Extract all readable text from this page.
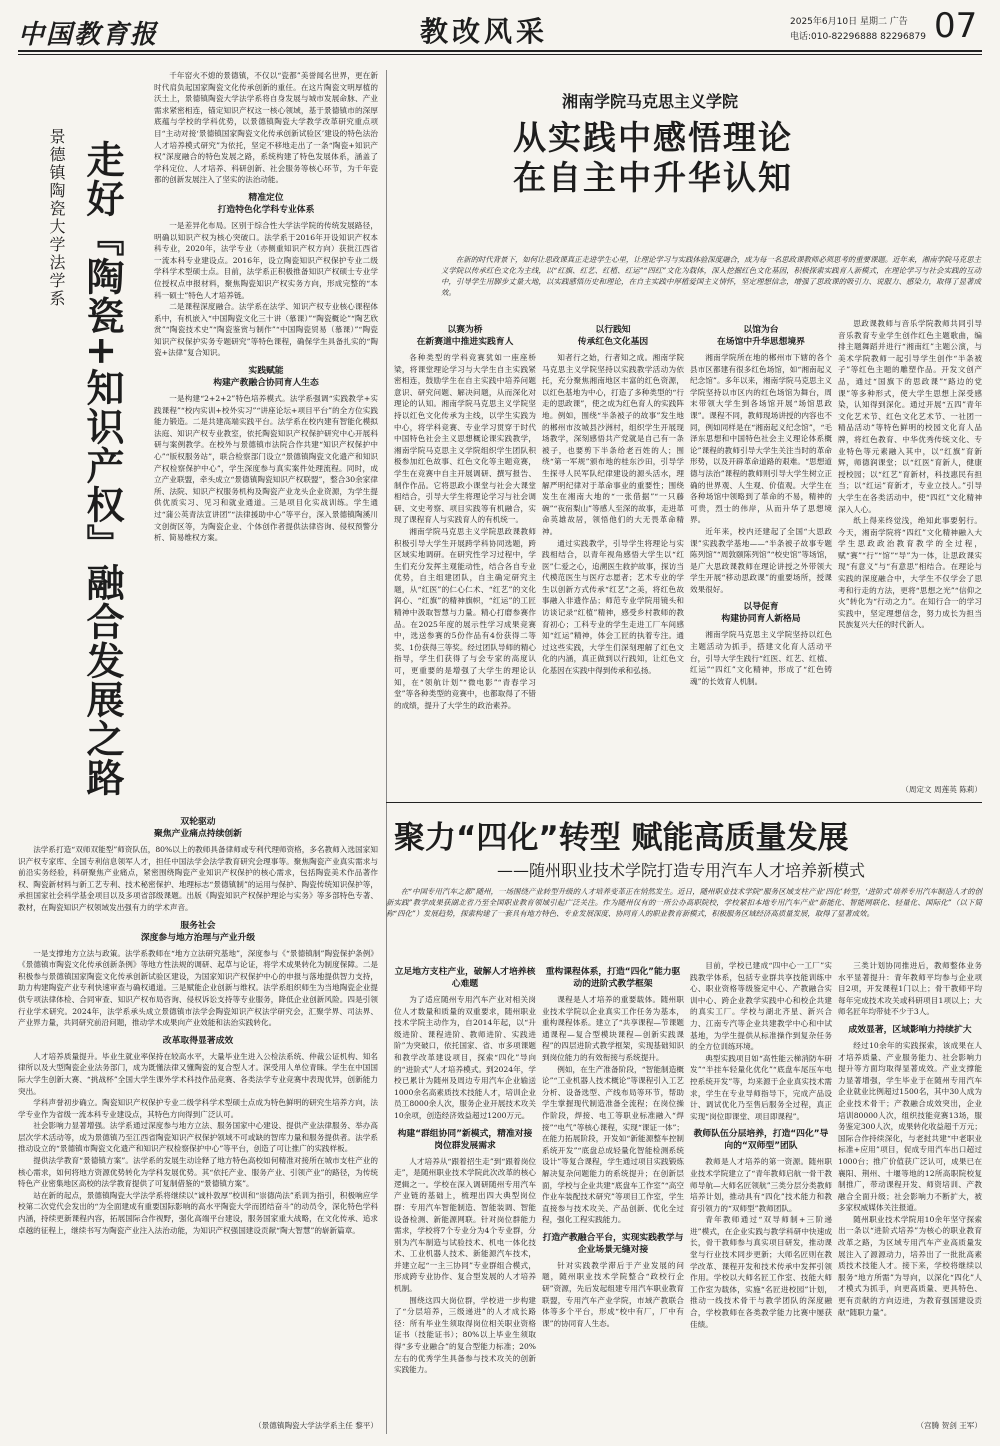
中国教育报	教改风采	2025年6月10日 星期二 广告
电话:010-82296888 82296879 07
景德镇陶瓷大学法学系 走好『陶瓷+知识产权』融合发展之路

千年窑火不熄的景德镇，不仅以“瓷都”美誉闻名世界，更在新时代肩负起国家陶瓷文化传承创新的重任。在这片陶瓷文明厚植的沃土上，景德镇陶瓷大学法学系将自身发展与城市发展命脉、产业需求紧密相连，锚定知识产权这一核心领域，基于景德镇市的深厚底蕴与学校的学科优势，以景德镇陶瓷大学教学改革研究重点项目“主动对接‘景德镇国家陶瓷文化传承创新试验区’建设的特色法治人才培养模式研究”为依托，坚定不移地走出了一条“陶瓷+知识产权”深度融合的特色发展之路，系统构建了特色发展体系，涵盖了学科定位、人才培养、科研创新、社会服务等核心环节，为千年瓷都的创新发展注入了坚实的法治动能。

精准定位
打造特色化学科专业体系

一是差异化布局。区别于综合性大学法学院的传统发展路径，明确以知识产权为核心突破口。法学系于2016年开设知识产权本科专业，2020年，法学专业（亦侧重知识产权方向）获批江西省一流本科专业建设点。2016年，设立陶瓷知识产权保护专业二级学科学术型硕士点。目前，法学系正积极推备知识产权硕士专业学位授权点申报材料，聚焦陶瓷知识产权实务方向，形成完整的“本科一硕士”特色人才培养链。

二是课程深度融合。法学系在法学、知识产权专业核心课程体系中，有机嵌入“中国陶瓷文化三十讲（慕课）”“陶瓷概论”“陶艺欣赏”“陶瓷技术史”“陶瓷鉴赏与制作”“中国陶瓷贸易（慕课）”“陶瓷知识产权保护实务专题研究”等特色课程，确保学生具备扎实的“陶瓷+法律”复合知识。

实践赋能
构建产教融合协同育人生态

一是构建“2+2+2”特色培养模式。法学系强调“实践教学+实践课程”“校内实训+校外实习”“讲座论坛+项目平台”的全方位实践能力锻造。二是共建高端实践平台。法学系在校内建有智能化模拟法庭、知识产权专业教室，依托陶瓷知识产权保护研究中心开展科研与案例教学。在校外与景德镇市法院合作共建“知识产权保护中心”“版权服务站”，联合检察部门设立“景德镇陶瓷文化遗产和知识产权检察保护中心”，学生深度参与真实案件处理流程。同时，成立产业联盟，牵头成立“景德镇陶瓷知识产权联盟”，整合30余家律所、法院、知识产权服务机构及陶瓷产业龙头企业资源，为学生提供优质实习、见习和就业通道。三是项目化实战训练。学生通过“蒲公英青法宣讲团”“法律援助中心”等平台，深入景德镇陶溪川文创街区等，为陶瓷企业、个体创作者提供法律咨询、侵权预警分析、简易维权方案。

双轮驱动
聚焦产业痛点持续创新

法学系打造“双师双能型”师资队伍，80%以上的教师具备律师或专利代理师资格，多名教师入选国家知识产权专家库、全国专利信息领军人才，担任中国法学会法学教育研究会理事等。聚焦陶瓷产业真实需求与前沿实务经验，科研聚焦产业痛点，紧密围绕陶瓷产业知识产权保护的核心需求，包括陶瓷美术作品著作权、陶瓷新材料与新工艺专利、技术秘密保护、地理标志“景德镇制”的运用与保护、陶瓷传统知识保护等，承担国家社会科学基金项目以及多项省部级课题。出版《陶瓷知识产权保护理论与实务》等多部特色专著、教材，在陶瓷知识产权领域发出强有力的学术声音。

服务社会
深度参与地方治理与产业升级

一是支撑地方立法与政策。法学系教师在“地方立法研究基地”，深度参与《“景德镇制”陶瓷保护条例》《景德镇市陶瓷文化传承创新条例》等地方性法规的调研、起草与论证，将学术成果转化为制度保障。二是积极参与景德镇国家陶瓷文化传承创新试验区建设，为国家知识产权保护中心的申报与落地提供智力支持，助力构建陶瓷产业专利快速审查与确权通道。三是赋能企业创新与维权。法学系组织师生为当地陶瓷企业提供专项法律体检、合同审查、知识产权布局咨询、侵权诉讼支持等专业服务，降低企业创新风险。四是引领行业学术研究。2024年，法学系承头成立景德镇市法学会陶瓷知识产权法学研究会，汇聚学界、司法界、产业界力量，共同研究前沿问题，推动学术成果向产业效能和法治实践转化。

改革取得显著成效

人才培养质量提升。毕业生就业率保持在较高水平，大量毕业生进入公检法系统、仲裁公证机构、知名律所以及大型陶瓷企业法务部门，成为既懂法律又懂陶瓷的复合型人才。深受用人单位青睐。学生在中国国际大学生创新大赛、“挑战杯”全国大学生课外学术科技作品竞赛、各类法学专业竞赛中表现优异，创新能力突出。

学科声誉初步确立。陶瓷知识产权保护专业二级学科学术型硕士点成为特色鲜明的研究生培养方向，法学专业作为省级一流本科专业建设点，其特色方向得到广泛认可。

社会影响力显著增强。法学系通过深度参与地方立法、服务国家中心建设、提供产业法律服务、举办高层次学术活动等，成为景德镇乃至江西省陶瓷知识产权保护领域不可或缺的智库力量和服务提供者。法学系推动设立的“景德镇市陶瓷文化遗产和知识产权检察保护中心”等平台，创造了可让推广的实践样板。

提供法学教育“景德镇方案”。法学系的发展生动诠释了地方特色高校如何精准对接所在城市支柱产业的核心需求，如何将地方资源优势转化为学科发展优势。其“依托产业、服务产业、引领产业”的路径，为传统特色产业密集地区高校的法学教育提供了可复制借鉴的“景德镇方案”。

站在新的起点，景德镇陶瓷大学法学系将继续以“诚朴敦厚”校训和“崇德尚法”系训为指引，积极响应学校第二次党代会发出的“为全面建成有重要国际影响的高水平陶瓷大学而团结奋斗”的动员令，深化特色学科内涵，持续更新课程内容，拓展国际合作视野，强化高端平台建设，服务国家重大战略，在文化传承、追求卓越的征程上，继续书写为陶瓷产业注入法治动能，为知识产权强国建设贡献“陶大智慧”的崭新篇章。

（景德镇陶瓷大学法学系主任 黎平）
湘南学院马克思主义学院
从实践中感悟理论
在自主中升华认知

在新的时代背景下，如何让思政课真正走进学生心里，让理论学习与实践体验深度融合，成为每一名思政课教师必须思考的重要课题。近年来，湘南学院马克思主义学院以传承红色文化为主线，以“红旗、红艺、红植、红运”“四红”文化为载体，深入挖掘红色文化基因，积极探索实践育人新模式，在理论学习与社会实践的互动中，引导学生用脚步丈量大地，以实践感悟历史和理论，在自主实践中厚植爱国主义情怀，坚定理想信念，增强了思政课的吸引力、说服力、感染力，取得了显著成效。

以赛为桥
在新赛道中推进实践育人

各种类型的学科竞赛犹如一座座桥梁，将课堂理论学习与大学生自主实践紧密相连，鼓励学生在自主实践中培养问题意识、研究问题、解决问题，从而深化对理论的认知。湘南学院马克思主义学院坚持以红色文化传承为主线，以学生实践为中心，将学科竞赛、专业学习贯穿于时代中国特色社会主义思想概论课实践教学，湘南学院马克思主义学院组织学生团队积极参加红色故事、红色文化等主题竞赛，学生在竞赛中自主开展调研、撰写报告、制作作品。它将思政小课堂与社会大课堂相结合，引导大学生将理论学习与社会调研、文史考察、项目实践等有机融合，实现了课程育人与实践育人的有机统一。

湘南学院马克思主义学院思政课教师积极引导大学生开展跨学科协同选题，跨区域实地调研。在研究性学习过程中，学生们充分发挥主观能动性，结合各自专业优势，自主组建团队，自主确定研究主题，从“红医”的仁心仁术、“红艺”的文化润心、“红旗”的精神旗帜，“红运”的工匠精神中汲取智慧与力量。精心打磨参赛作品。在2025年度的展示性学习成果竞赛中，选送参赛的5份作品有4份获得二等奖、1份获得三等奖。经过团队导师的精心指导，学生们获得了与会专家的高度认可，更重要的是增强了大学生的理论认知，在“领航计划”“微电影”“青春学习堂”等各种类型的竞赛中，也都取得了不错的成绩，提升了大学生的政治素养。

以行践知
传承红色文化基因

知者行之始，行者知之成。湘南学院马克思主义学院坚持以实践教学活动为依托，充分聚焦湘南地区丰富的红色资源，以红色基地为中心，打造了多种类型的“行走的思政课”，使之成为红色育人的实践阵地。例如，围绕“半条被子的故事”发生地的郴州市汝城县沙洲村，组织学生开展现场教学，深刻感悟共产党就是自己有一条被子，也要剪下半条给老百姓的人；围绕“第一军规”颁布地的桂东沙田，引导学生探寻人民军队纪律建设的源头活水，理解严明纪律对于革命事业的重要性；围绕发生在湘南大地的“一张借据”“一只藤碗”“夜宿梨山”等感人至深的故事，走进革命英雄故居，领悟他们的大无畏革命精神。

通过实践教学，引导学生将理论与实践相结合，以青年视角感悟大学生以“红医”仁爱之心，追溯医生救护故事，探访当代模范医生与医疗志愿者；艺术专业的学生以创新方式传承“红艺”之美，将红色故事融入非遗作品；师范专业学院用镜头和访谈记录“红植”精神，感受乡村教师的教育初心；工科专业的学生走进工厂车间感知“红运”精神，体会工匠的执着专注。通过这些实践，大学生们深刻理解了红色文化的内涵，真正做到以行践知，让红色文化基因在实践中得到传承和弘扬。

以馆为台
在场馆中升华思想境界

湘南学院所在地的郴州市下辖的各个县市区都建有很多红色场馆，如“湘南起义纪念馆”。多年以来，湘南学院马克思主义学院坚持以市区内的红色场馆为舞台，周末带领大学生到各场馆开展“场馆思政课”。课程不同，教师现场讲授的内容也不同，例如同样是在“湘南起义纪念馆”，“毛泽东思想和中国特色社会主义理论体系概论”课程的教师引导大学生关注当时的革命形势，以及开辟革命道路的艰难。“思想道德与法治”课程的教师则引导大学生树立正确的世界观、人生观、价值观。大学生在各种场馆中领略到了革命的不易，精神的可贵，烈士的伟岸，从而升华了思想境界。

近年来，校内还建起了全国“大思政课”实践教学基地——“半条被子故事专题陈列馆”“周敦颐陈列馆”“校史馆”等场馆，是广大思政课教师在理论讲授之外带领大学生开展“移动思政课”的重要场所，授课效果很好。

以导促育
构建协同育人新格局

湘南学院马克思主义学院坚持以红色主题活动为抓手，搭建文化育人活动平台，引导大学生践行“红医、红艺、红植、红运”“四红”文化精神，形成了“红色铸魂”的长效育人机制。

思政课教师与音乐学院教师共同引导音乐教育专业学生创作红色主题歌曲，编排主题舞蹈并进行“湘南红”主题公演，与美术学院教师一起引导学生创作“半条被子”等红色主题的雕塑作品。开发文创产品，通过“国旗下的思政课”“路边的党课”等多种形式，使大学生思想上深受感染，认知得到深化。通过开展“五四”青年文化艺术节、红色文化艺术节、一社团一精品活动”等特色鲜明的校园文化育人品牌，将红色教育、中华优秀传统文化、专业特色等元素融入其中，以“红旗”育新辉，师德润课堂；以“红医”育新人，健康授校园；以“红艺”育新材，科技惠民有担当；以“红运”育新才，专业立技人。”引导大学生在各类活动中，使“四红”文化精神深入人心。

纸上得来终觉浅，绝知此事要躬行。今天，湘南学院将“四红”文化精神融入大学生思政政治教育教学的全过程，赋“赛”“行”“馆”“导”为一体，让思政课实现“有意义”与“有意思”相结合。在理论与实践的深度融合中，大学生不仅学会了思考和行走的方法，更将“思想之光”“信仰之火”转化为“行动之力”。在知行合一的学习实践中，坚定理想信念，努力成长为担当民族复兴大任的时代新人。

（周定文 周莲英 陈莉）
聚力“四化”转型 赋能高质量发展
——随州职业技术学院打造专用汽车人才培养新模式

在“中国专用汽车之都”随州，一场围绕产业转型升级的人才培养变革正在悄然发生。近日，随州职业技术学院“服务区域支柱产业‘四化’转型，‘进阶式’培养专用汽车制造人才的创新实践”教学成果获湖北省乃至全国职业教育领域引起广泛关注。作为随州仅有的一所公办高职院校，学校紧扣本地专用汽车产业“新能化、智能网联化、轻量化、国际化”（以下简称“四化”）发展趋势，探索构建了一套具有地方特色、专业发展深度、协同育人的职业教育新模式，积极服务区域经济高质量发展，取得了显著成效。

立足地方支柱产业，破解人才培养核心难题

为了适应随州专用汽车产业对相关岗位人才数量和质量的双重要求，随州职业技术学院主动作为，自2014年起，以“升级进阶、课程进阶、教师进阶、实践进阶”为突破口，依托国家、省、市多项课题和教学改革建设项目，探索“四化”导向的“进阶式”人才培养模式。到2024年，学校已累计为随州及周边专用汽车企业输送1000余名高素质技术技能人才，培训企业员工8000余人次，服务企业开展技术攻关10余项，创造经济效益超过1200万元。

构建“群组协同”新模式，精准对接岗位群发展需求

人才培养从“跟着招生走”到“跟着岗位走”，是随州职业技术学院此次改革的核心逻辑之一。学校在深入调研随州专用汽车产业链的基础上，梳理出四大典型岗位群：专用汽车智能制造、智能装调、智能设备检测、新能源网联。针对岗位群能力需求，学校将7个专业分为4个专业群，分别为汽车制造与试验技术、机电一体化技术、工业机器人技术、新能源汽车技术，并建立起“一主三协同”专业群组合模式，形成跨专业协作、复合型发展的人才培养机制。

围绕这四大岗位群，学校进一步构建了“分层培养，三级递进”的人才成长路径：所有毕业生须取得岗位相关职业资格证书（技能证书）；80%以上毕业生须取得“多专业融合”的复合型能力标准；20%左右的优秀学生具备参与技术攻关的创新实践能力。

重构课程体系，打造“四化”能力驱动的进阶式教学框架

课程是人才培养的重要载体。随州职业技术学院以企业真实工作任务为基本，重构课程体系。建立了“共享课程—节课题通课程—复合型模块课程—创新实践课程”的四层进阶式教学框架，实现基础知识到岗位能力的有效衔接与系统提升。

例如，在生产准备阶段，“智能制造概论”“工业机器人技术概论”等课程引入工艺分析、设备选型、产线布局等环节，帮助学生掌握现代制造准备全流程；在岗位操作阶段，焊接、电工等职业标准融入“焊接”“电气”等核心课程，实现“课证一体”；在能力拓展阶段，开发如“新能源整车控制系统开发”“底盘总成轻量化智能检测系统设计”等复合课程，学生通过项目实践锻炼解决复杂问题能力的系统提升；在创新层面，学校与企业共建“底盘车工作室”“高空作业车装配技术研究”等项目工作室，学生直接参与技术攻关、产品创新、优化全过程，强化工程实践能力。

打造产教融合平台，实现实践教学与企业场景无缝对接

针对实践教学滞后于产业发展的问题，随州职业技术学院整合“政校行企研”资源，先后发起组建专用汽车职业教育联盟，专用汽车产业学院，市域产教联合体等多个平台，形成“校中有厂，厂中有课”的协同育人生态。

目前，学校已建成“四中心一工厂”实践教学体系，包括专业群共享技能训练中心、职业资格等级鉴定中心、产教融合实训中心、跨企业教学实践中心和校企共建的真实工厂。学校与湖北齐星、新兴合力、江南专汽等企业共建教学中心和中试基地，为学生提供从标准操作到复杂任务的全方位训练环境。

典型实践项目如“高性能云梯消防车研发”“半挂车轻量化优化”“底盘车尾压车电控系统开发”等，均来源于企业真实技术需求，学生在专业导师指导下，完成产品设计、调试优化乃至售后服务全过程，真正实现“岗位即课堂、项目即课程”。

教师队伍分层培养，打造“四化”导向的“双师型”团队

教师是人才培养的第一资源。随州职业技术学院建立了“青年教师启航一骨干教师导航—大师名匠领航”三类分层分类教师培养计划，推动具有“四化”技术能力和教育引领力的“双师型”教师团队。

青年教师通过“双导师制+三阶递进”模式，在企业实践与教学科研中快速成长，骨干教师参与真实项目研发，推动课堂与行业技术同步更新；大师名匠则在教学改革、课程开发和技术传承中发挥引领作用。学校以大师名匠工作室、技能大师工作室为载体，实施“名匠进校园”计划，推动一线技术骨干与教学团队的深度融合，学校教师在各类教学能力比赛中屡获佳绩。

三类计划协同推进后，教师整体业务水平显著提升：青年教师平均参与企业项目2项，开发课程1门以上；骨干教师平均每年完成技术攻关或科研项目1项以上；大师名匠年均带徒不少于3人。

成效显著，区域影响力持续扩大

经过10余年的实践探索，该成果在人才培养质量、产业服务能力、社会影响力提升等方面均取得显著成效。产业支撑能力显著增强，学生毕业于在随州专用汽车企业就业比例超过1500名，其中30人成为企业技术骨干；产教融合成效突出，企业培训80000人次，组织技能竞赛13场，服务鉴定300人次，成果转化收益超千万元；国际合作持续深化，与老挝共建“中老职业标准+应用”项目，促成专用汽车出口超过1000台；推广价值获广泛认可，成果已在襄阳、荆州、十堰等地的12所高职院校复制推广，带动课程开发、师资培训、产教融合全面升级；社会影响力不断扩大，被多家权威媒体关注报道。

随州职业技术学院用10余年坚守探索出一条以“进阶式培养”为核心的职业教育改革之路，为区域专用汽车产业高质量发展注入了源源动力，培养出了一批批高素质技术技能人才。接下来，学校将继续以服务“地方所需”为导向，以深化“四化”人才模式为抓手，向更高质量、更具特色、更有贡献的方向迈进，为教育强国建设贡献“随职力量”。

（宫腾 贺剑 王军）
